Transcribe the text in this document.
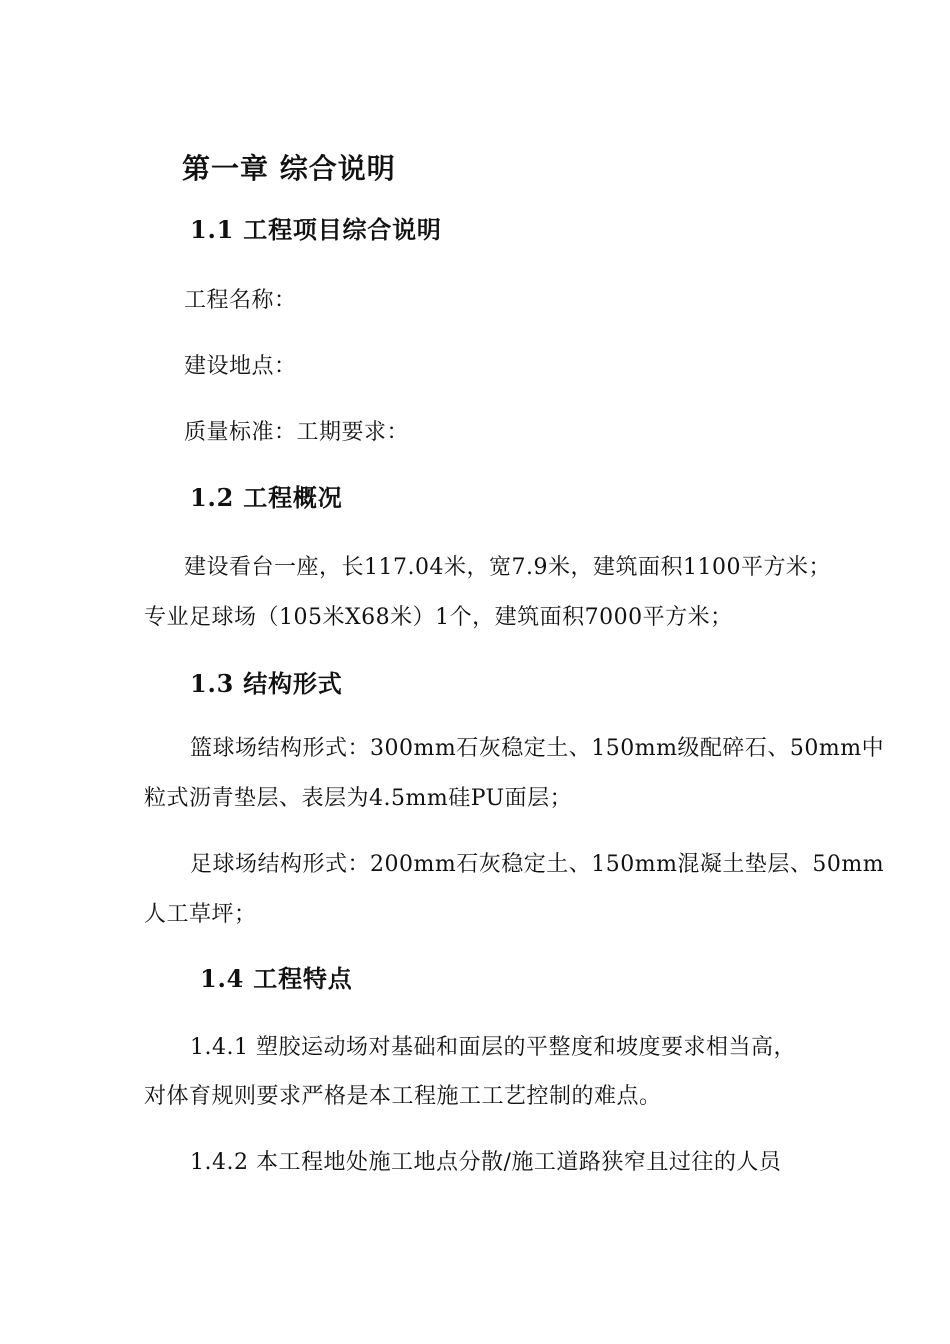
第一章 综合说明
1.1 工程项目综合说明
工程名称：
建设地点：
质量标准：工期要求：
1.2 工程概况
建设看台一座，长117.04米，宽7.9米，建筑面积1100平方米；
专业足球场（105米X68米）1个，建筑面积7000平方米；
1.3 结构形式
篮球场结构形式：300mm石灰稳定土、150mm级配碎石、50mm中
粒式沥青垫层、表层为4.5mm硅PU面层；
足球场结构形式：200mm石灰稳定土、150mm混凝土垫层、50mm
人工草坪；
1.4 工程特点
1.4.1 塑胶运动场对基础和面层的平整度和坡度要求相当高，
对体育规则要求严格是本工程施工工艺控制的难点。
1.4.2 本工程地处施工地点分散/施工道路狭窄且过往的人员
